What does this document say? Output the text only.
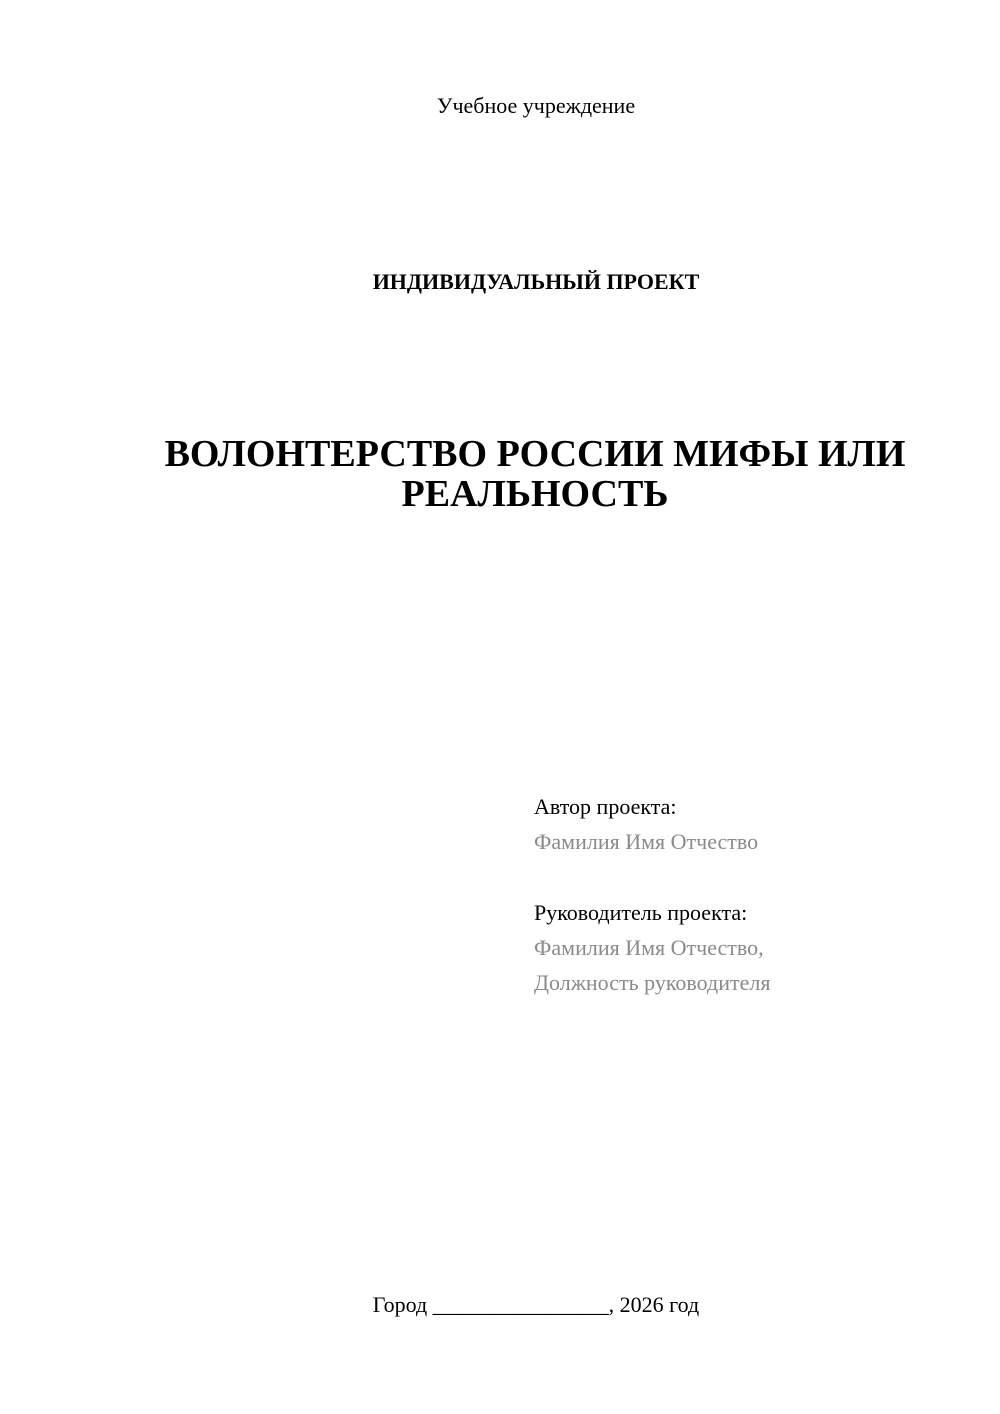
Учебное учреждение
ИНДИВИДУАЛЬНЫЙ ПРОЕКТ
ВОЛОНТЕРСТВО РОССИИ МИФЫ ИЛИ
РЕАЛЬНОСТЬ
Автор проекта:
Фамилия Имя Отчество
Руководитель проекта:
Фамилия Имя Отчество,
Должность руководителя
Город ________________, 2026 год
